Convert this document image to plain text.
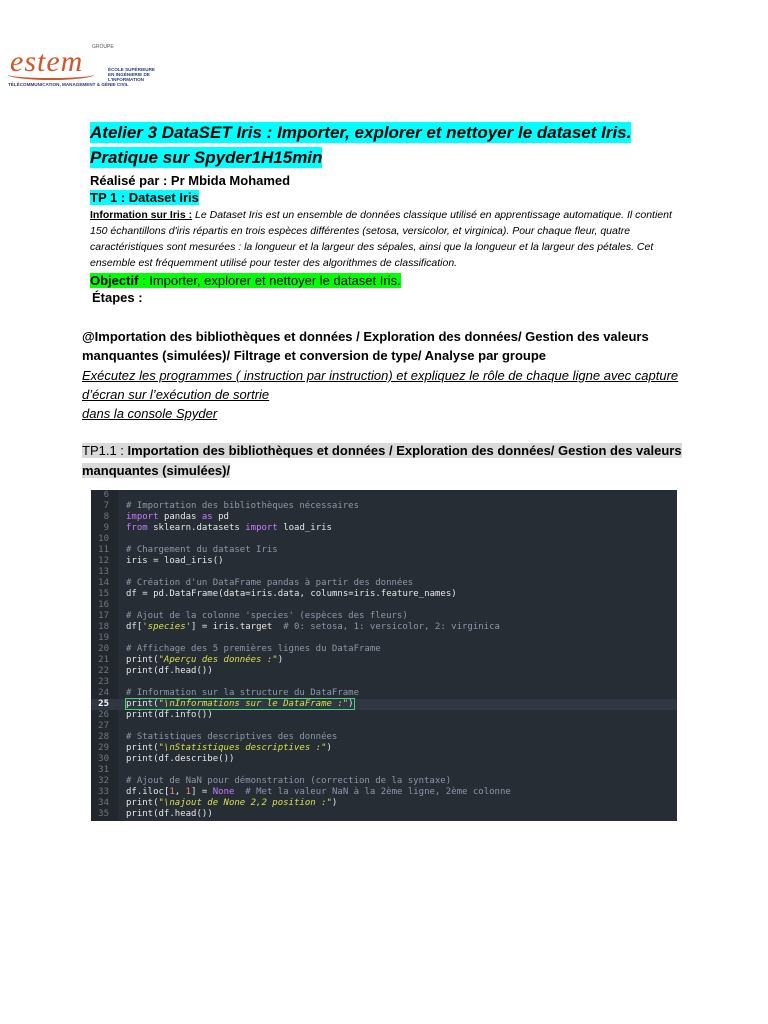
estem GROUPE
ÉCOLE SUPÉRIEURE EN INGÉNIERIE DE L'INFORMATION
TÉLÉCOMMUNICATION, MANAGEMENT & GÉNIE CIVIL
Atelier 3 DataSET Iris : Importer, explorer et nettoyer le dataset Iris.
Pratique sur Spyder1H15min
Réalisé par : Pr Mbida Mohamed
TP 1 : Dataset Iris
Information sur Iris : Le Dataset Iris est un ensemble de données classique utilisé en apprentissage automatique. Il contient 150 échantillons d'iris répartis en trois espèces différentes (setosa, versicolor, et virginica). Pour chaque fleur, quatre caractéristiques sont mesurées : la longueur et la largeur des sépales, ainsi que la longueur et la largeur des pétales. Cet ensemble est fréquemment utilisé pour tester des algorithmes de classification.
Objectif : Importer, explorer et nettoyer le dataset Iris.
Étapes :
@Importation des bibliothèques et données / Exploration des données/ Gestion des valeurs manquantes (simulées)/ Filtrage et conversion de type/ Analyse par groupe
Exécutez les programmes ( instruction par instruction) et expliquez le rôle de chaque ligne avec capture d’écran sur l’exécution de sortrie
dans la console Spyder
TP1.1 : Importation des bibliothèques et données / Exploration des données/ Gestion des valeurs manquantes (simulées)/
6
7 # Importation des bibliothèques nécessaires
8 import pandas as pd
9 from sklearn.datasets import load_iris
10
11 # Chargement du dataset Iris
12 iris = load_iris()
13
14 # Création d'un DataFrame pandas à partir des données
15 df = pd.DataFrame(data=iris.data, columns=iris.feature_names)
16
17 # Ajout de la colonne 'species' (espèces des fleurs)
18 df['species'] = iris.target # 0: setosa, 1: versicolor, 2: virginica
19
20 # Affichage des 5 premières lignes du DataFrame
21 print("Aperçu des données :")
22 print(df.head())
23
24 # Information sur la structure du DataFrame
25 print("\nInformations sur le DataFrame :")
26 print(df.info())
27
28 # Statistiques descriptives des données
29 print("\nStatistiques descriptives :")
30 print(df.describe())
31
32 # Ajout de NaN pour démonstration (correction de la syntaxe)
33 df.iloc[1, 1] = None # Met la valeur NaN à la 2ème ligne, 2ème colonne
34 print("\najout de None 2,2 position :")
35 print(df.head())
